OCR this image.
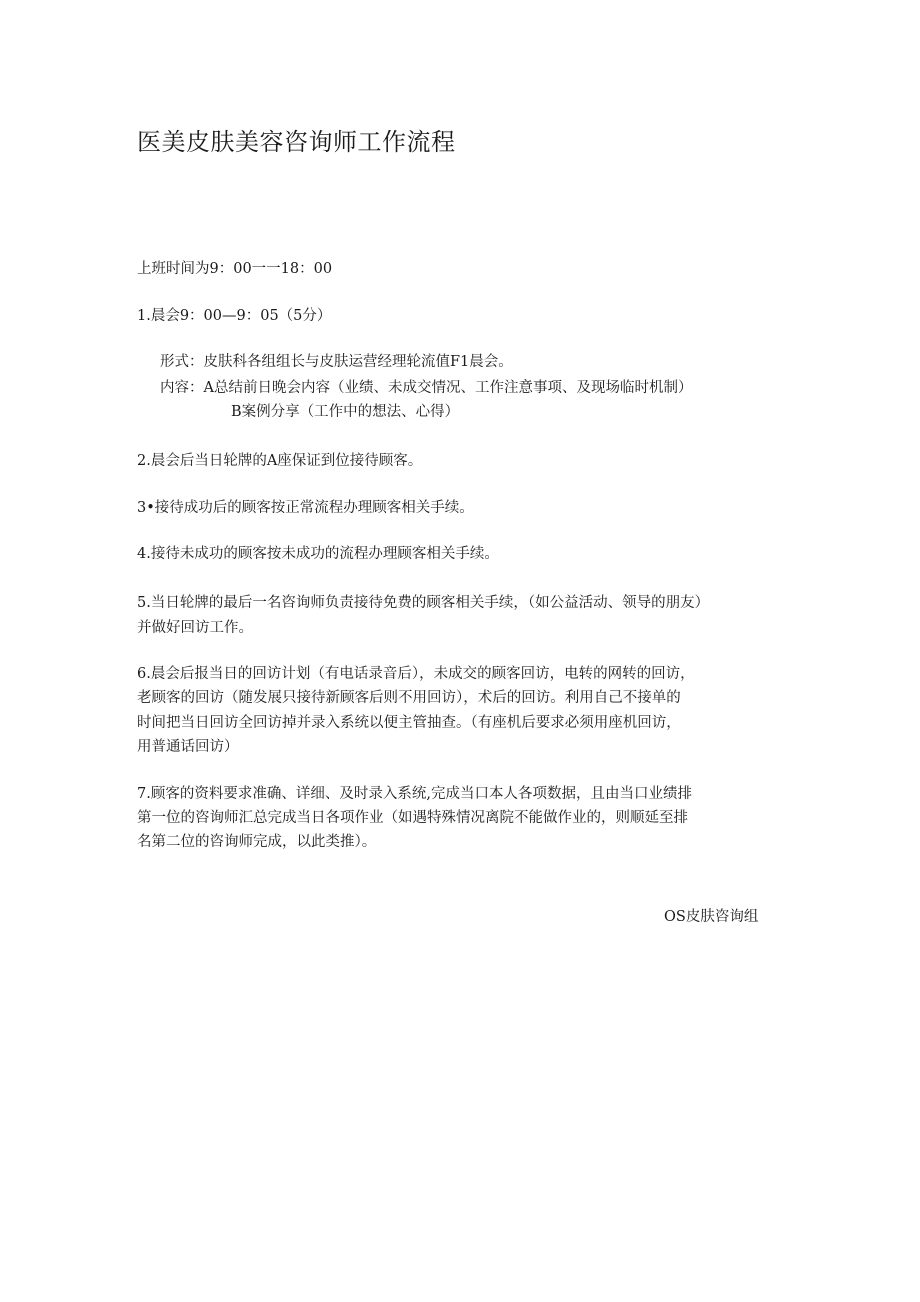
医美皮肤美容咨询师工作流程

上班时间为9：00一一18：00

1.晨会9：00—9：05（5分）

形式：皮肤科各组组长与皮肤运营经理轮流值F1晨会。

内容：A总结前日晚会内容（业绩、未成交情况、工作注意事项、及现场临时机制）

B案例分享（工作中的想法、心得）

2.晨会后当日轮牌的A座保证到位接待顾客。

3•接待成功后的顾客按正常流程办理顾客相关手续。

4.接待未成功的顾客按未成功的流程办理顾客相关手续。

5.当日轮牌的最后一名咨询师负责接待免费的顾客相关手续，（如公益活动、领导的朋友）

并做好回访工作。

6.晨会后报当日的回访计划（有电话录音后），未成交的顾客回访，电转的网转的回访，

老顾客的回访（随发展只接待新顾客后则不用回访），术后的回访。利用自己不接单的

时间把当日回访全回访掉并录入系统以便主管抽查。（有座机后要求必须用座机回访，

用普通话回访）

7.顾客的资料要求准确、详细、及时录入系统,完成当口本人各项数据，且由当口业绩排

第一位的咨询师汇总完成当日各项作业（如遇特殊情况离院不能做作业的，则顺延至排

名第二位的咨询师完成，以此类推）。

OS皮肤咨询组
